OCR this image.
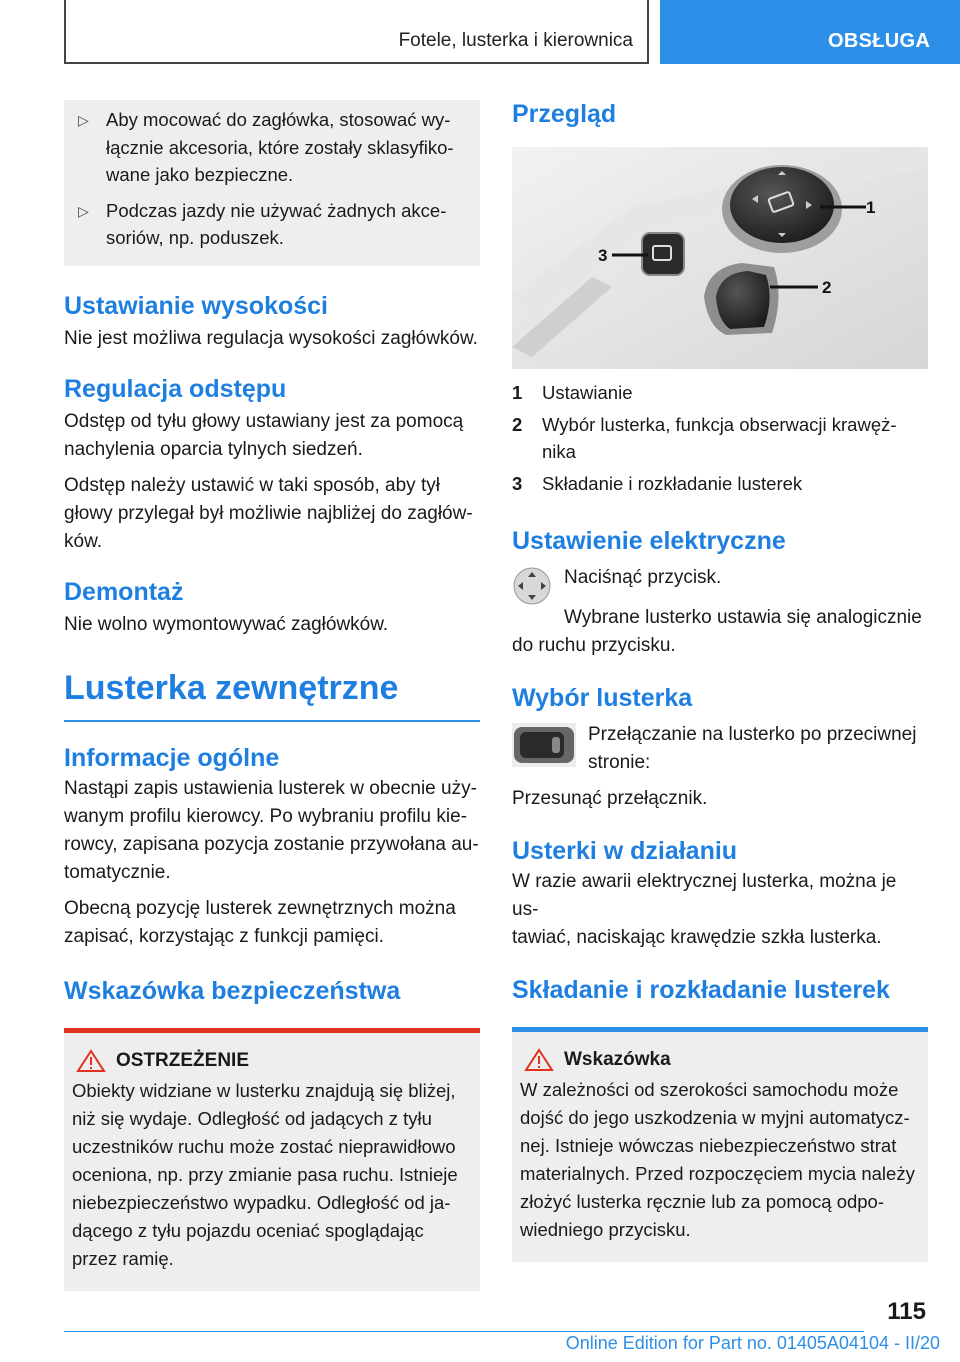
Fotele, lusterka i kierownica	OBSŁUGA
▷ Aby mocować do zagłówka, stosować wy-
łącznie akcesoria, które zostały sklasyfiko-
wane jako bezpieczne.
▷ Podczas jazdy nie używać żadnych akce-
soriów, np. poduszek.
Ustawianie wysokości

Nie jest możliwa regulacja wysokości zagłówków.

Regulacja odstępu

Odstęp od tyłu głowy ustawiany jest za pomocą
nachylenia oparcia tylnych siedzeń.

Odstęp należy ustawić w taki sposób, aby tył
głowy przylegał był możliwie najbliżej do zagłów-
ków.

Demontaż

Nie wolno wymontowywać zagłówków.

Lusterka zewnętrzne
Informacje ogólne

Nastąpi zapis ustawienia lusterek w obecnie uży-
wanym profilu kierowcy. Po wybraniu profilu kie-
rowcy, zapisana pozycja zostanie przywołana au-
tomatycznie.

Obecną pozycję lusterek zewnętrznych można
zapisać, korzystając z funkcji pamięci.

Wskazówka bezpieczeństwa
OSTRZEŻENIE

Obiekty widziane w lusterku znajdują się bliżej,
niż się wydaje. Odległość od jadących z tyłu
uczestników ruchu może zostać nieprawidłowo
oceniona, np. przy zmianie pasa ruchu. Istnieje
niebezpieczeństwo wypadku. Odległość od ja-
dącego z tyłu pojazdu oceniać spoglądając
przez ramię.

Przegląd
1
2
3
1	Ustawianie
2	Wybór lusterka, funkcja obserwacji krawęż-
nika
3	Składanie i rozkładanie lusterek
Ustawienie elektryczne

Naciśnąć przycisk.

Wybrane lusterko ustawia się analogicznie
do ruchu przycisku.

Wybór lusterka

Przełączanie na lusterko po przeciwnej
stronie:

Przesunąć przełącznik.

Usterki w działaniu

W razie awarii elektrycznej lusterka, można je us-
tawiać, naciskając krawędzie szkła lusterka.

Składanie i rozkładanie lusterek
Wskazówka

W zależności od szerokości samochodu może
dojść do jego uszkodzenia w myjni automatycz-
nej. Istnieje wówczas niebezpieczeństwo strat
materialnych. Przed rozpoczęciem mycia należy
złożyć lusterka ręcznie lub za pomocą odpo-
wiedniego przycisku.

115
Online Edition for Part no. 01405A04104 - II/20
